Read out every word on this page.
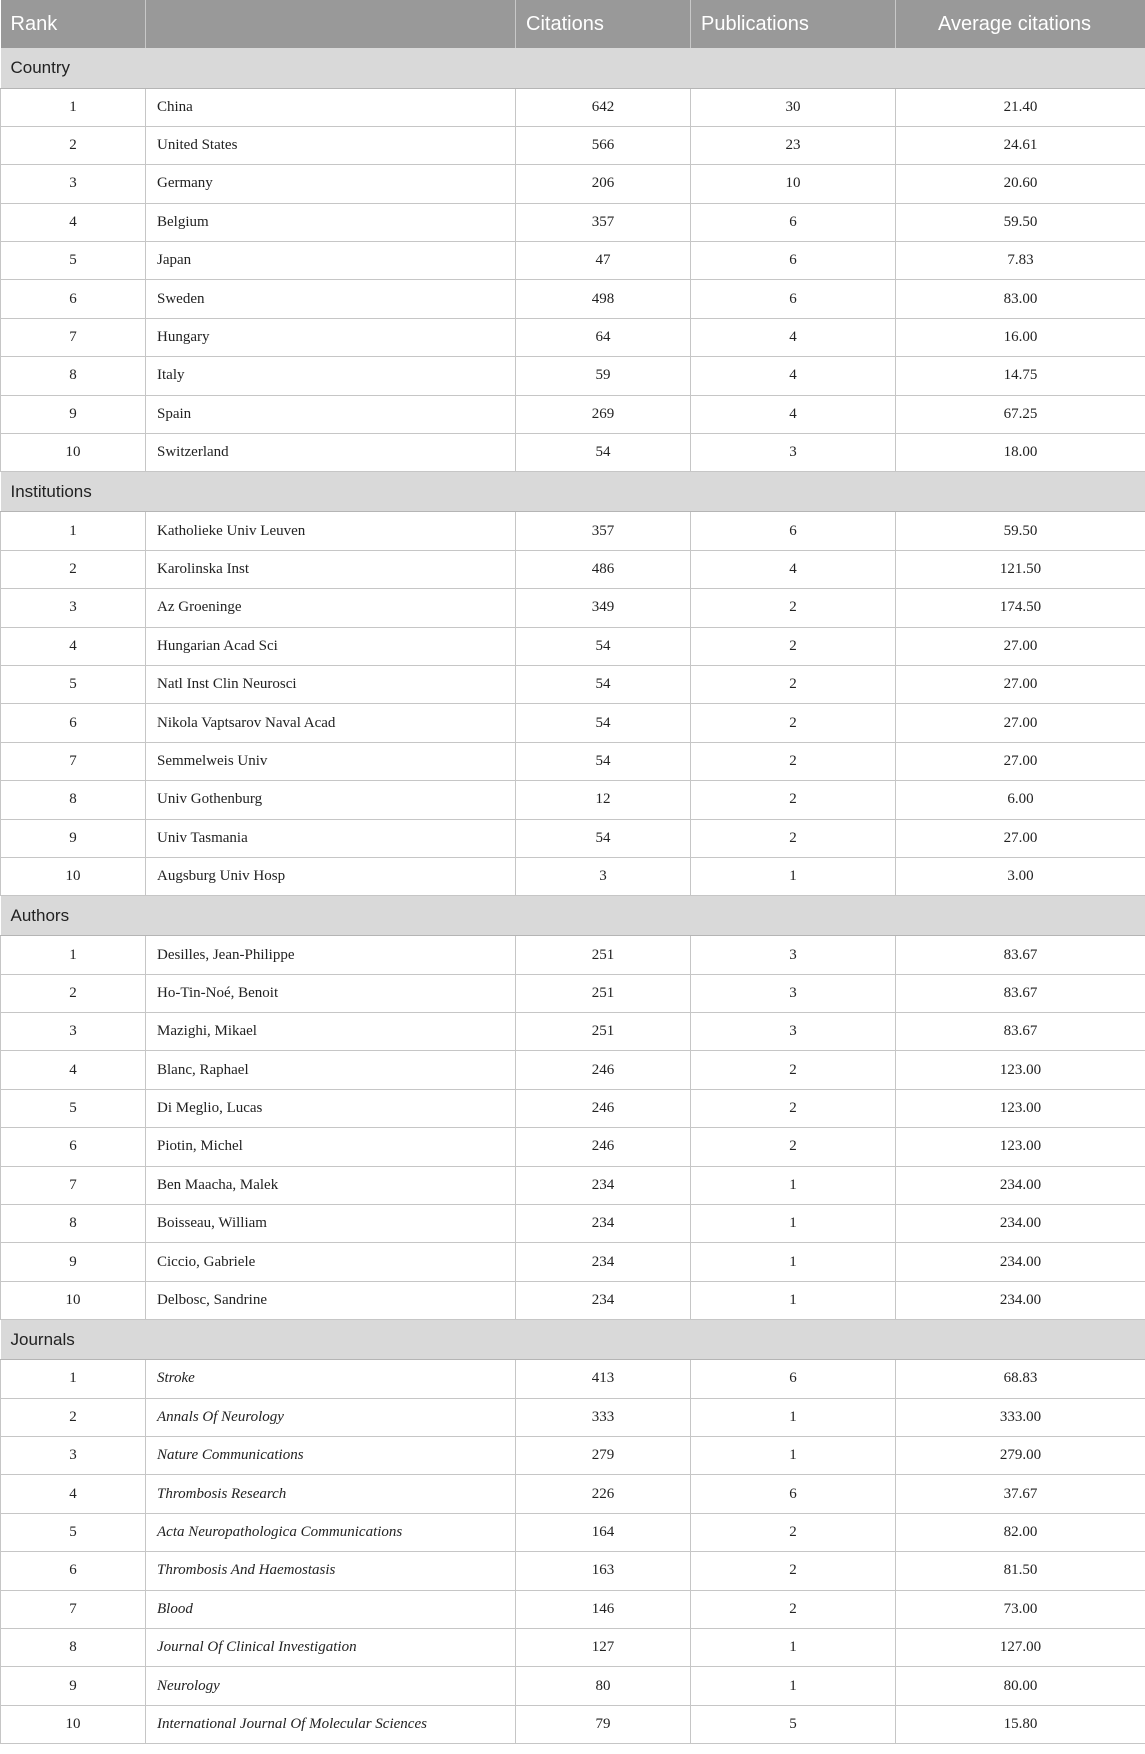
Rank		Citations	Publications	Average citations
Country				
1	China	642	30	21.40
2	United States	566	23	24.61
3	Germany	206	10	20.60
4	Belgium	357	6	59.50
5	Japan	47	6	7.83
6	Sweden	498	6	83.00
7	Hungary	64	4	16.00
8	Italy	59	4	14.75
9	Spain	269	4	67.25
10	Switzerland	54	3	18.00
Institutions				
1	Katholieke Univ Leuven	357	6	59.50
2	Karolinska Inst	486	4	121.50
3	Az Groeninge	349	2	174.50
4	Hungarian Acad Sci	54	2	27.00
5	Natl Inst Clin Neurosci	54	2	27.00
6	Nikola Vaptsarov Naval Acad	54	2	27.00
7	Semmelweis Univ	54	2	27.00
8	Univ Gothenburg	12	2	6.00
9	Univ Tasmania	54	2	27.00
10	Augsburg Univ Hosp	3	1	3.00
Authors				
1	Desilles, Jean-Philippe	251	3	83.67
2	Ho-Tin-Noé, Benoit	251	3	83.67
3	Mazighi, Mikael	251	3	83.67
4	Blanc, Raphael	246	2	123.00
5	Di Meglio, Lucas	246	2	123.00
6	Piotin, Michel	246	2	123.00
7	Ben Maacha, Malek	234	1	234.00
8	Boisseau, William	234	1	234.00
9	Ciccio, Gabriele	234	1	234.00
10	Delbosc, Sandrine	234	1	234.00
Journals				
1	Stroke	413	6	68.83
2	Annals Of Neurology	333	1	333.00
3	Nature Communications	279	1	279.00
4	Thrombosis Research	226	6	37.67
5	Acta Neuropathologica Communications	164	2	82.00
6	Thrombosis And Haemostasis	163	2	81.50
7	Blood	146	2	73.00
8	Journal Of Clinical Investigation	127	1	127.00
9	Neurology	80	1	80.00
10	International Journal Of Molecular Sciences	79	5	15.80
